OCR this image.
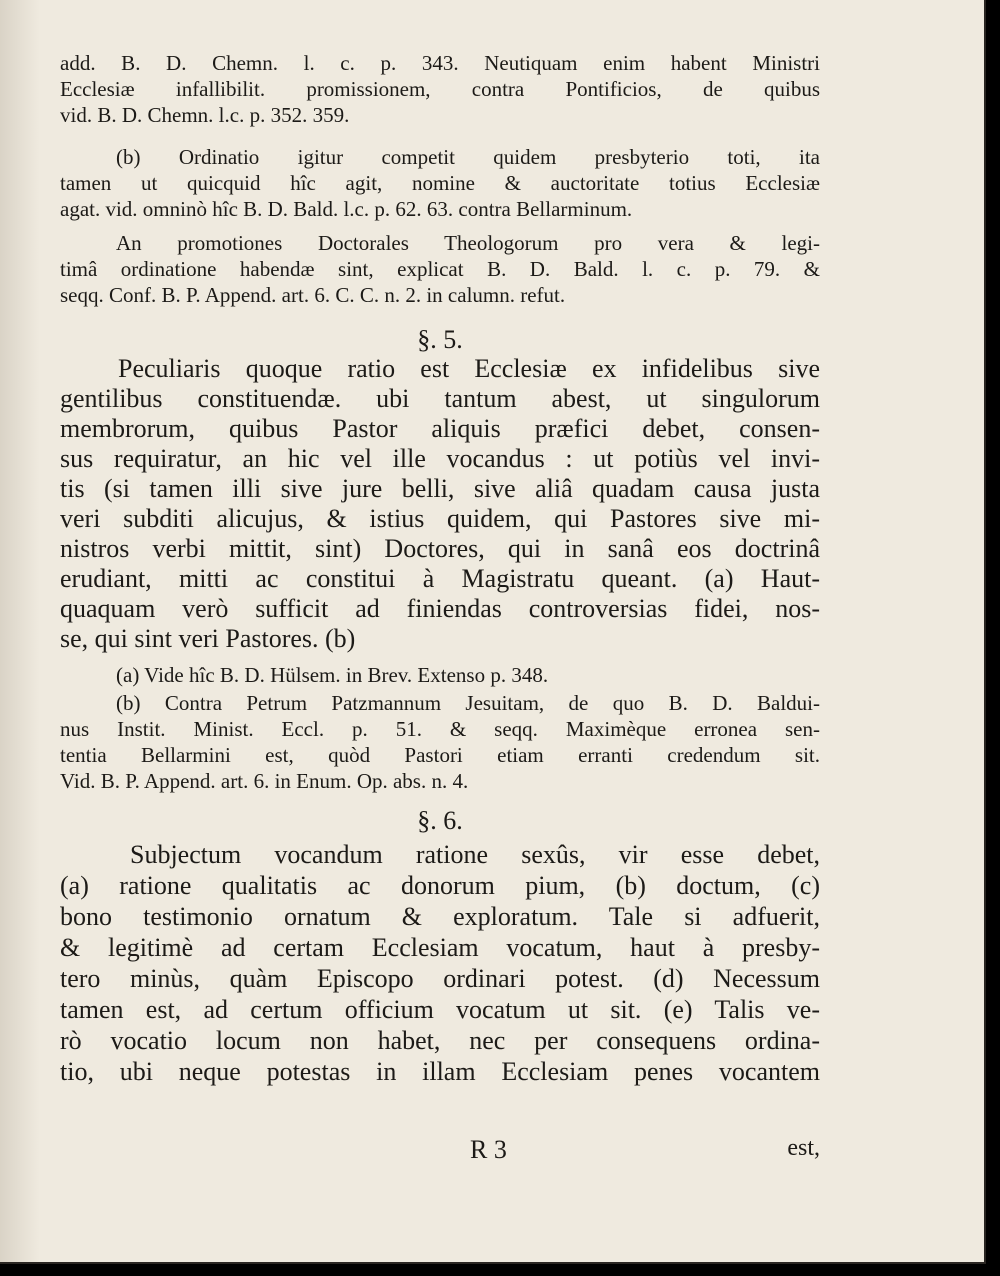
add. B. D. Chemn. l. c. p. 343. Neutiquam enim habent Ministri
Ecclesiæ infallibilit. promissionem, contra Pontificios, de quibus
vid. B. D. Chemn. l.c. p. 352. 359.
(b) Ordinatio igitur competit quidem presbyterio toti, ita
tamen ut quicquid hîc agit, nomine & auctoritate totius Ecclesiæ
agat. vid. omninò hîc B. D. Bald. l.c. p. 62. 63. contra Bellarminum.
An promotiones Doctorales Theologorum pro vera & legi-
timâ ordinatione habendæ sint, explicat B. D. Bald. l. c. p. 79. &
seqq. Conf. B. P. Append. art. 6. C. C. n. 2. in calumn. refut.
§. 5.
Peculiaris quoque ratio est Ecclesiæ ex infidelibus sive
gentilibus constituendæ. ubi tantum abest, ut singulorum
membrorum, quibus Pastor aliquis præfici debet, consen-
sus requiratur, an hic vel ille vocandus : ut potiùs vel invi-
tis (si tamen illi sive jure belli, sive aliâ quadam causa justa
veri subditi alicujus, & istius quidem, qui Pastores sive mi-
nistros verbi mittit, sint) Doctores, qui in sanâ eos doctrinâ
erudiant, mitti ac constitui à Magistratu queant. (a) Haut-
quaquam verò sufficit ad finiendas controversias fidei, nos-
se, qui sint veri Pastores. (b)
(a) Vide hîc B. D. Hülsem. in Brev. Extenso p. 348.
(b) Contra Petrum Patzmannum Jesuitam, de quo B. D. Baldui-
nus Instit. Minist. Eccl. p. 51. & seqq. Maximèque erronea sen-
tentia Bellarmini est, quòd Pastori etiam erranti credendum sit.
Vid. B. P. Append. art. 6. in Enum. Op. abs. n. 4.
§. 6.
Subjectum vocandum ratione sexûs, vir esse debet,
(a) ratione qualitatis ac donorum pium, (b) doctum, (c)
bono testimonio ornatum & exploratum. Tale si adfuerit,
& legitimè ad certam Ecclesiam vocatum, haut à presby-
tero minùs, quàm Episcopo ordinari potest. (d) Necessum
tamen est, ad certum officium vocatum ut sit. (e) Talis ve-
rò vocatio locum non habet, nec per consequens ordina-
tio, ubi neque potestas in illam Ecclesiam penes vocantem
R 3	est,
